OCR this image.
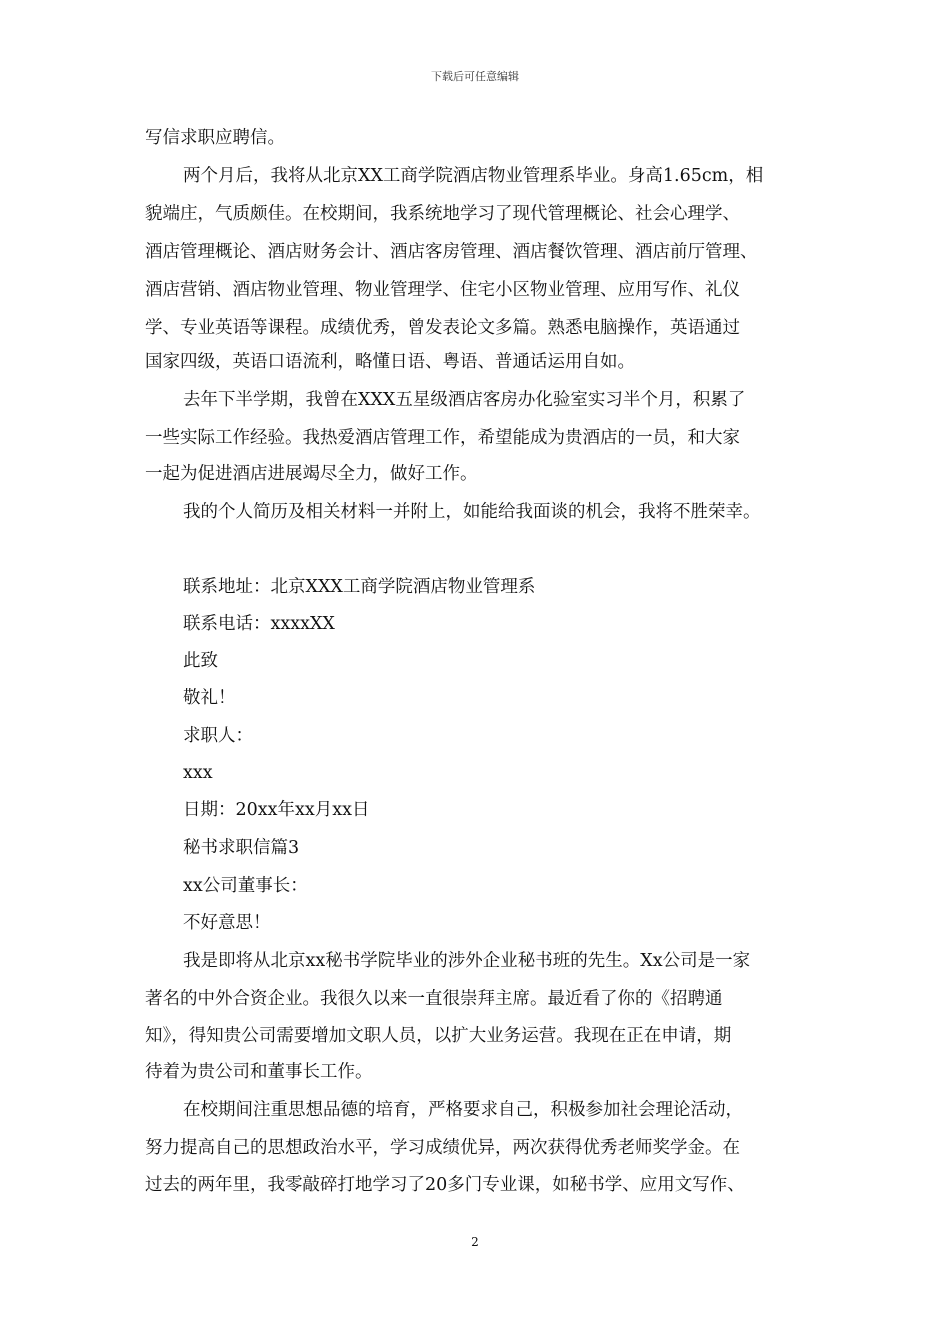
下载后可任意编辑
写信求职应聘信。
两个月后，我将从北京XX工商学院酒店物业管理系毕业。身高1.65cm，相
貌端庄，气质颇佳。在校期间，我系统地学习了现代管理概论、社会心理学、
酒店管理概论、酒店财务会计、酒店客房管理、酒店餐饮管理、酒店前厅管理、
酒店营销、酒店物业管理、物业管理学、住宅小区物业管理、应用写作、礼仪
学、专业英语等课程。成绩优秀，曾发表论文多篇。熟悉电脑操作，英语通过
国家四级，英语口语流利，略懂日语、粤语、普通话运用自如。
去年下半学期，我曾在XXX五星级酒店客房办化验室实习半个月，积累了
一些实际工作经验。我热爱酒店管理工作，希望能成为贵酒店的一员，和大家
一起为促进酒店进展竭尽全力，做好工作。
我的个人简历及相关材料一并附上，如能给我面谈的机会，我将不胜荣幸。
联系地址：北京XXX工商学院酒店物业管理系
联系电话：xxxxXX
此致
敬礼！
求职人：
xxx
日期：20xx年xx月xx日
秘书求职信篇3
xx公司董事长：
不好意思！
我是即将从北京xx秘书学院毕业的涉外企业秘书班的先生。Xx公司是一家
著名的中外合资企业。我很久以来一直很崇拜主席。最近看了你的《招聘通
知》，得知贵公司需要增加文职人员，以扩大业务运营。我现在正在申请，期
待着为贵公司和董事长工作。
在校期间注重思想品德的培育，严格要求自己，积极参加社会理论活动，
努力提高自己的思想政治水平，学习成绩优异，两次获得优秀老师奖学金。在
过去的两年里，我零敲碎打地学习了20多门专业课，如秘书学、应用文写作、
2
